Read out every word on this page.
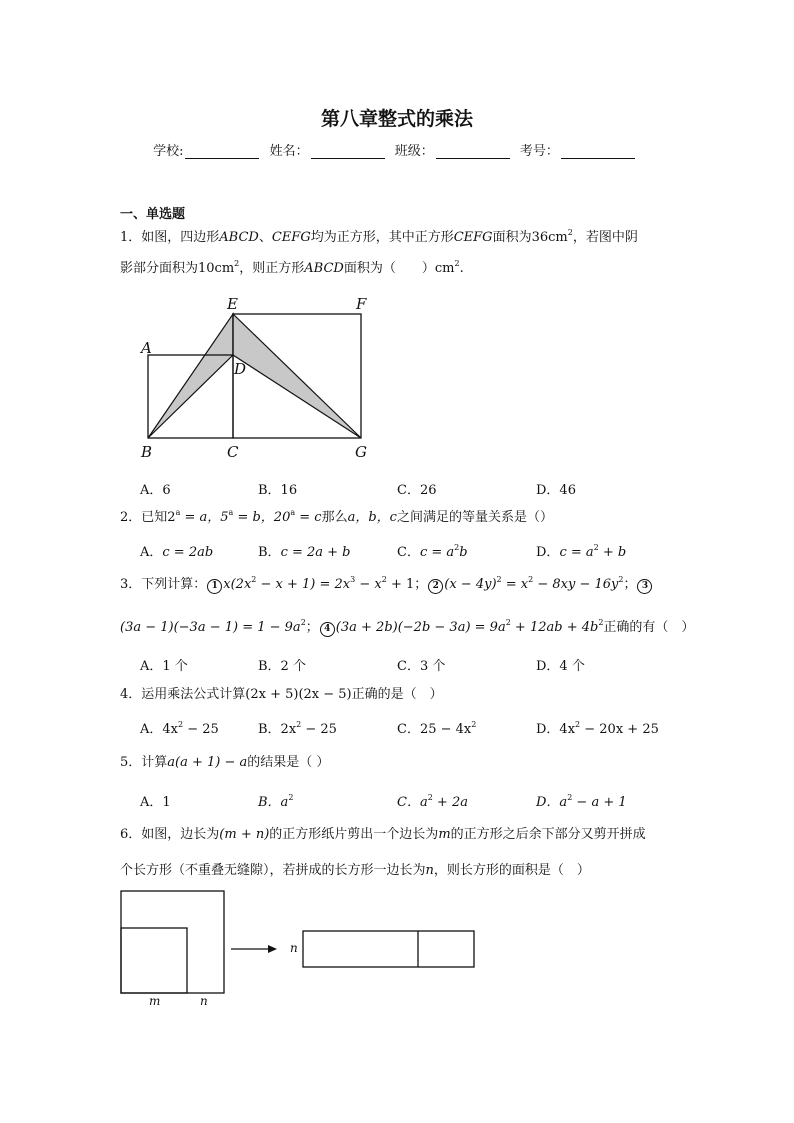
第八章整式的乘法
学校:	姓名：	班级：	考号：
一、单选题
1．如图，四边形ABCD、CEFG均为正方形，其中正方形CEFG面积为$36cm^2$，若图中阴
影部分面积为$10cm^2$，则正方形ABCD面积为（　　）$cm^2$.
E	F
A
D
B	C	G
A．6	B．16	C．26	D．46
2．已知$2^a = a$，$5^a = b$，$20^a = c$那么a，b，c之间满足的等量关系是（）
A．c = 2ab	B．c = 2a + b	C．$c = a^2b$	D．$c = a^2 + b$
3．下列计算： 1 $x(2x^2 - x + 1) = 2x^3 - x^2 + 1$； 2 $(x - 4y)^2 = x^2 - 8xy - 16y^2$； 3
$(3a - 1)(-3a - 1) = 1 - 9a^2$； 4 $(3a + 2b)(-2b - 3a) = 9a^2 + 12ab + 4b^2$正确的有（　）
A．1 个	B．2 个	C．3 个	D．4 个
4．运用乘法公式计算(2x + 5)(2x − 5)正确的是（　）
A．$4x^2 - 25$	B．$2x^2 - 25$	C．$25 - 4x^2$	D．$4x^2 - 20x + 25$
5．计算a(a + 1) − a的结果是（ ）
A．1	B．$a^2$	C．$a^2 + 2a$	D．$a^2 - a + 1$
6．如图，边长为(m + n)的正方形纸片剪出一个边长为m的正方形之后余下部分又剪开拼成
个长方形（不重叠无缝隙），若拼成的长方形一边长为n，则长方形的面积是（　）
n
m	n
